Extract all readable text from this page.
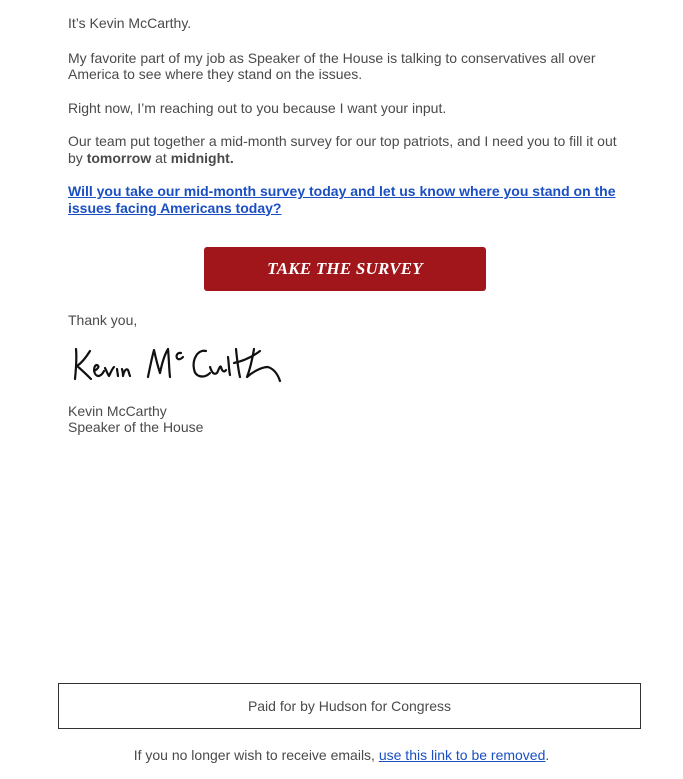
It’s Kevin McCarthy.

My favorite part of my job as Speaker of the House is talking to conservatives all over America to see where they stand on the issues.

Right now, I’m reaching out to you because I want your input.

Our team put together a mid-month survey for our top patriots, and I need you to fill it out by tomorrow at midnight.

Will you take our mid-month survey today and let us know where you stand on the issues facing Americans today?
TAKE THE SURVEY

Thank you,

Kevin McCarthy
Speaker of the House
Paid for by Hudson for Congress
If you no longer wish to receive emails, use this link to be removed.
